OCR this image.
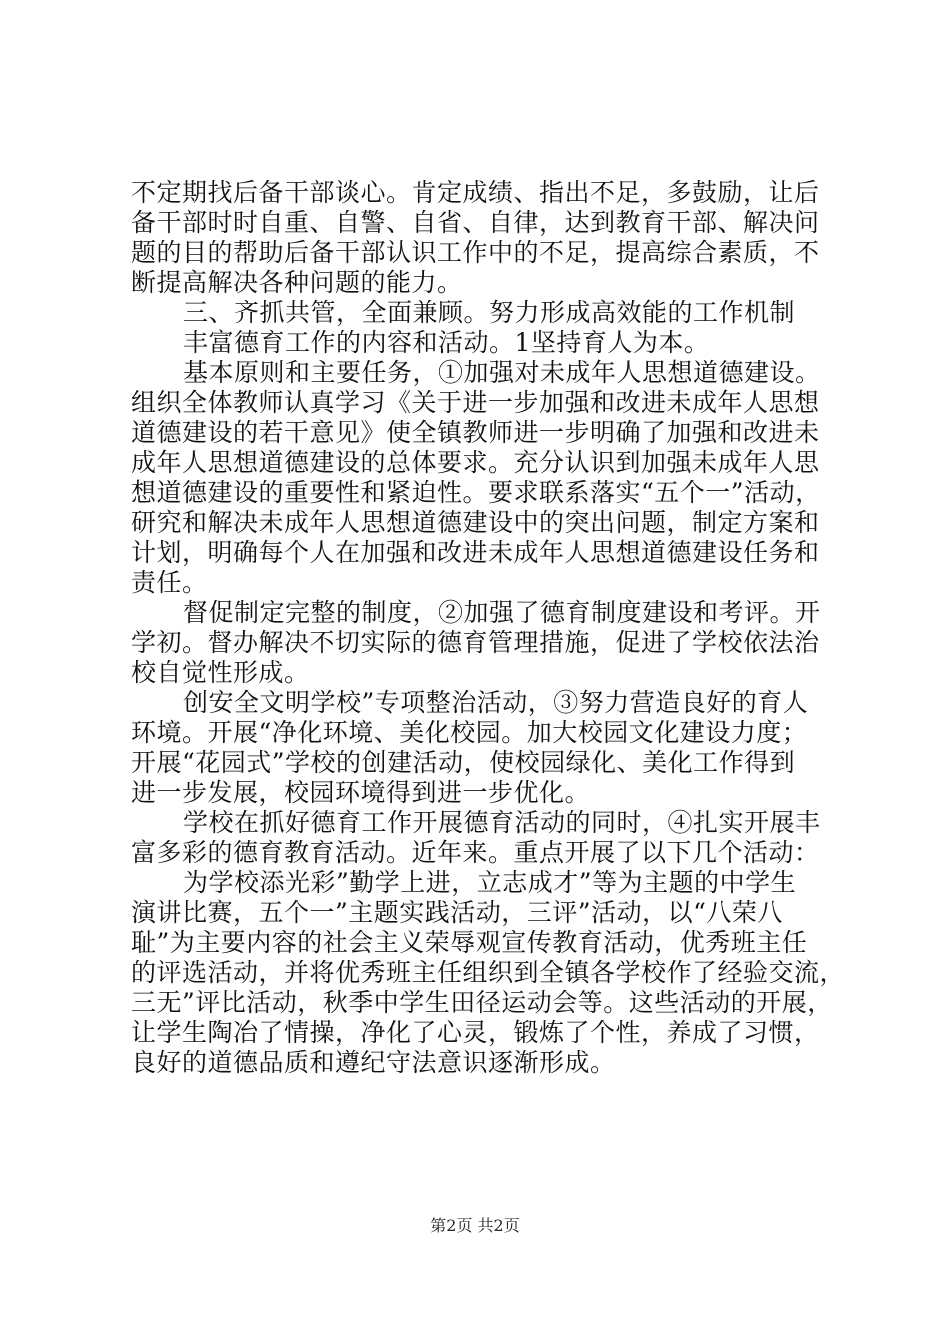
不定期找后备干部谈心。肯定成绩、指出不足，多鼓励，让后
备干部时时自重、自警、自省、自律，达到教育干部、解决问
题的目的帮助后备干部认识工作中的不足，提高综合素质，不
断提高解决各种问题的能力。
三、齐抓共管，全面兼顾。努力形成高效能的工作机制
丰富德育工作的内容和活动。1坚持育人为本。
基本原则和主要任务，①加强对未成年人思想道德建设。
组织全体教师认真学习《关于进一步加强和改进未成年人思想
道德建设的若干意见》使全镇教师进一步明确了加强和改进未
成年人思想道德建设的总体要求。充分认识到加强未成年人思
想道德建设的重要性和紧迫性。要求联系落实“五个一”活动，
研究和解决未成年人思想道德建设中的突出问题，制定方案和
计划，明确每个人在加强和改进未成年人思想道德建设任务和
责任。
督促制定完整的制度，②加强了德育制度建设和考评。开
学初。督办解决不切实际的德育管理措施，促进了学校依法治
校自觉性形成。
创安全文明学校”专项整治活动，③努力营造良好的育人
环境。开展“净化环境、美化校园。加大校园文化建设力度；
开展“花园式”学校的创建活动，使校园绿化、美化工作得到
进一步发展，校园环境得到进一步优化。
学校在抓好德育工作开展德育活动的同时，④扎实开展丰
富多彩的德育教育活动。近年来。重点开展了以下几个活动：
为学校添光彩”勤学上进，立志成才”等为主题的中学生
演讲比赛，五个一”主题实践活动，三评”活动，以“八荣八
耻”为主要内容的社会主义荣辱观宣传教育活动，优秀班主任
的评选活动，并将优秀班主任组织到全镇各学校作了经验交流，
三无”评比活动，秋季中学生田径运动会等。这些活动的开展，
让学生陶冶了情操，净化了心灵，锻炼了个性，养成了习惯，
良好的道德品质和遵纪守法意识逐渐形成。
第2页 共2页
